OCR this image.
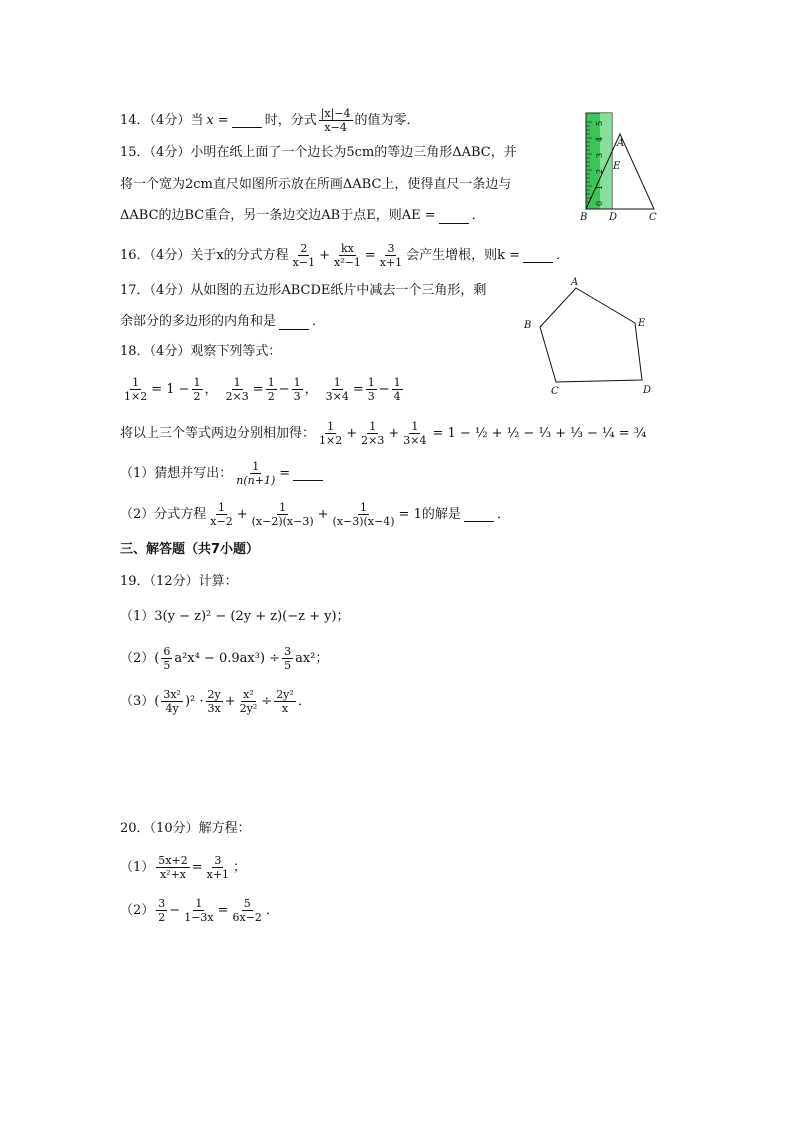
14．（4分）当 x =	时，分式 $\frac{|x|-4}{x-4}$ 的值为零．
15．（4分）小明在纸上面了一个边长为5cm的等边三角形ΔABC，并
将一个宽为2cm直尺如图所示放在所画ΔABC上，使得直尺一条边与
ΔABC的边BC重合，另一条边交边AB于点E，则AE =	．
0
1
2
3
4
5
A
E
B D	C
16．（4分）关于x的分式方程 $\frac{2}{x-1} + \frac{kx}{\text{x²−1}} = \frac{3}{x+1}$ 会产生增根，则k =	．
17．（4分）从如图的五边形ABCDE纸片中减去一个三角形，剩
余部分的多边形的内角和是	．
A
B
C	D
E
18．（4分）观察下列等式：
$\frac{1}{1\times 2} = 1 - \frac{1}{2}$ ， $\frac{1}{2\times 3} = \frac{1}{2} - \frac{1}{3}$ ， $\frac{1}{3\times 4} = \frac{1}{3} - \frac{1}{4}$
将以上三个等式两边分别相加得： $\frac{1}{1\times 2} + \frac{1}{2\times 3} + \frac{1}{3\times 4} = 1$ − ½ + ½ − ⅓ + ⅓ − ¼ = ¾
（1）猜想并写出： $\frac{1}{n(n+1)}$ =
（2）分式方程 $\frac{1}{x-2} + \frac{1}{(x-2)(x-3)} + \frac{1}{(x-3)(x-4)} = 1$的解是	．
三、解答题（共7小题）
19．（12分）计算：
（1）3(y − z)² − (2y + z)(−z + y)；
$(2)( \frac{6}{5} a^2x^4 - 0.9ax^3) \div \frac{3}{5} ax^2$；
$(3)( \frac{\text{3x²}}{4y} )^2 \cdot \frac{2y}{3x} + \frac{\text{x²}}{\text{2y²}} \div \frac{\text{2y²}}{x}$ ．
20．（10分）解方程：
$(1) \frac{5x+2}{\text{x²+x}} = \frac{3}{x+1}$ ；
$(2) \frac{3}{2} - \frac{1}{1-3x} = \frac{5}{6x-2}$ ．
